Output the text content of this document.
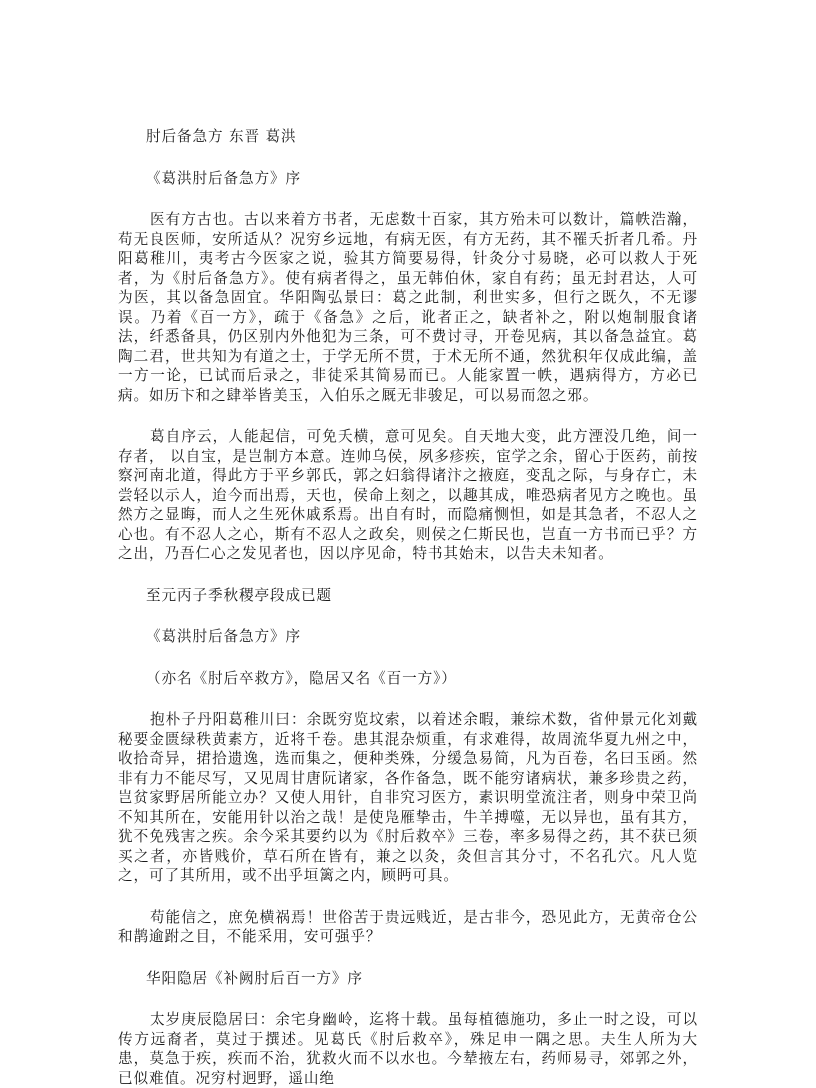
肘后备急方 东晋 葛洪

《葛洪肘后备急方》序

医有方古也。古以来着方书者，无虑数十百家，其方殆未可以数计，篇帙浩瀚，苟无良医师，安所适从？况穷乡远地，有病无医，有方无药，其不罹夭折者几希。丹阳葛稚川，夷考古今医家之说，验其方简要易得，针灸分寸易晓，必可以救人于死者，为《肘后备急方》。使有病者得之，虽无韩伯休，家自有药；虽无封君达，人可为医，其以备急固宜。华阳陶弘景曰：葛之此制，利世实多，但行之既久，不无谬误。乃着《百一方》，疏于《备急》之后，讹者正之，缺者补之，附以炮制服食诸法，纤悉备具，仍区别内外他犯为三条，可不费讨寻，开卷见病，其以备急益宜。葛陶二君，世共知为有道之士，于学无所不贯，于术无所不通，然犹积年仅成此编，盖一方一论，已试而后录之，非徒采其简易而已。人能家置一帙，遇病得方，方必已病。如历卞和之肆举皆美玉，入伯乐之厩无非骏足，可以易而忽之邪。

葛自序云，人能起信，可免夭横，意可见矣。自天地大变，此方湮没几绝，间一存者， 以自宝，是岂制方本意。连帅乌侯，夙多疹疾，宦学之余，留心于医药，前按察河南北道，得此方于平乡郭氏，郭之妇翁得诸汴之掖庭，变乱之际，与身存亡，未尝轻以示人，迨今而出焉，天也，侯命上刻之，以趣其成，唯恐病者见方之晚也。虽然方之显晦，而人之生死休戚系焉。出自有时，而隐痛恻怛，如是其急者，不忍人之心也。有不忍人之心，斯有不忍人之政矣，则侯之仁斯民也，岂直一方书而已乎？方之出，乃吾仁心之发见者也，因以序见命，特书其始末，以告夫未知者。

至元丙子季秋稷亭段成已题

《葛洪肘后备急方》序

（亦名《肘后卒救方》，隐居又名《百一方》）

抱朴子丹阳葛稚川曰：余既穷览坟索，以着述余暇，兼综术数，省仲景元化刘戴秘要金匮绿秩黄素方，近将千卷。患其混杂烦重，有求难得，故周流华夏九州之中，收拾奇异，捃拾遗逸，选而集之，便种类殊，分缓急易简，凡为百卷，名曰玉函。然非有力不能尽写，又见周甘唐阮诸家，各作备急，既不能穷诸病状，兼多珍贵之药，岂贫家野居所能立办？又使人用针，自非究习医方，素识明堂流注者，则身中荣卫尚不知其所在，安能用针以治之哉！是使凫雁挚击，牛羊搏噬，无以异也，虽有其方，犹不免残害之疾。余今采其要约以为《肘后救卒》三卷，率多易得之药，其不获已须买之者，亦皆贱价，草石所在皆有，兼之以灸，灸但言其分寸，不名孔穴。凡人览之，可了其所用，或不出乎垣篱之内，顾眄可具。

苟能信之，庶免横祸焉！世俗苦于贵远贱近，是古非今，恐见此方，无黄帝仓公和鹊逾跗之目，不能采用，安可强乎？

华阳隐居《补阙肘后百一方》序

太岁庚辰隐居曰：余宅身幽岭，迄将十载。虽每植德施功，多止一时之设，可以传方远裔者，莫过于撰述。见葛氏《肘后救卒》，殊足申一隅之思。夫生人所为大患，莫急于疾，疾而不治，犹救火而不以水也。今辇掖左右，药师易寻，郊郭之外，已似难值。况穷村迥野，遥山绝
